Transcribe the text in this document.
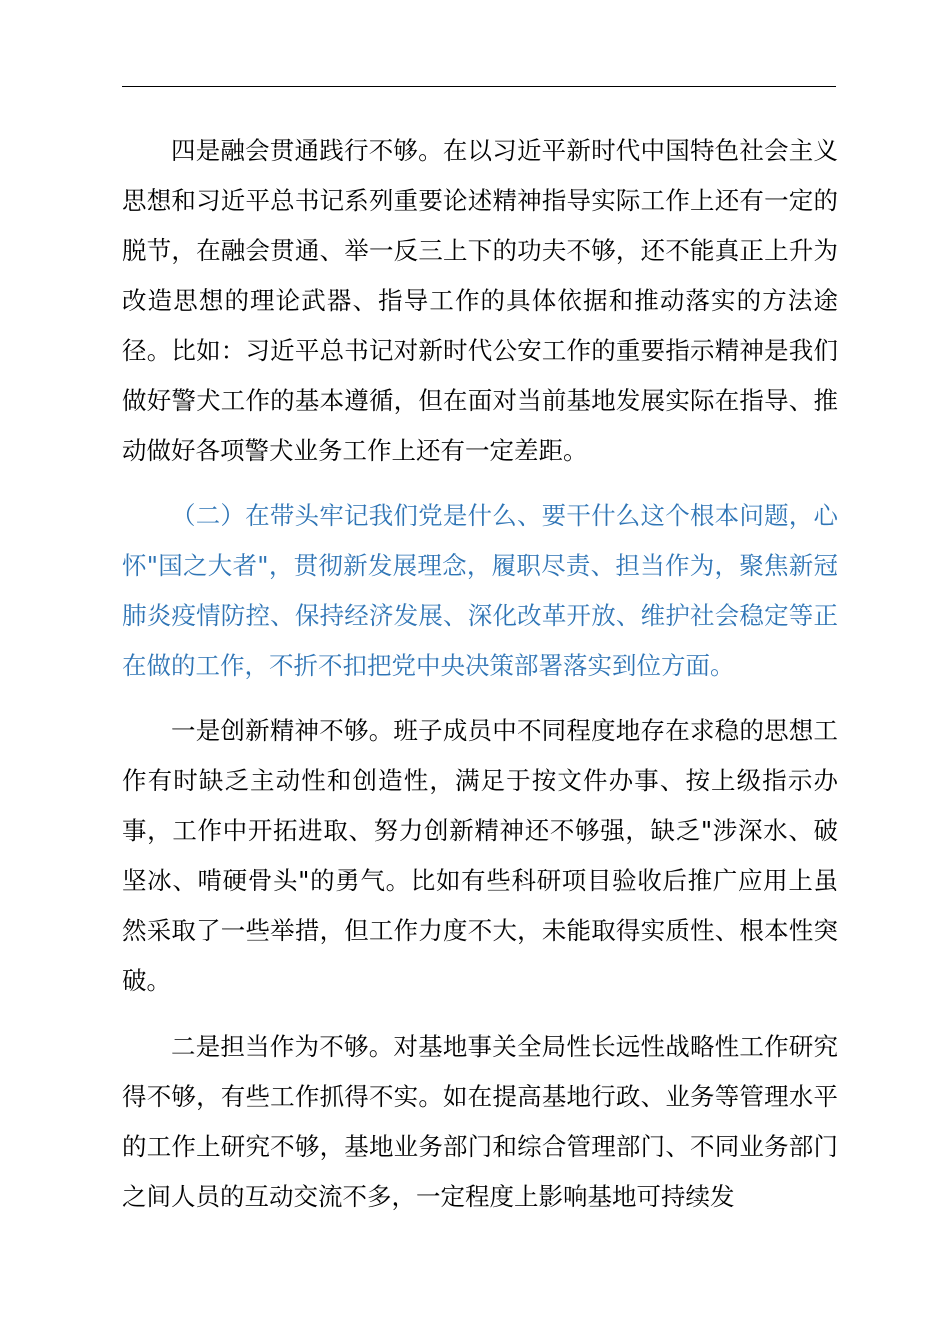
四是融会贯通践行不够。在以习近平新时代中国特色社会主义思想和习近平总书记系列重要论述精神指导实际工作上还有一定的脱节，在融会贯通、举一反三上下的功夫不够，还不能真正上升为改造思想的理论武器、指导工作的具体依据和推动落实的方法途径。比如：习近平总书记对新时代公安工作的重要指示精神是我们做好警犬工作的基本遵循，但在面对当前基地发展实际在指导、推动做好各项警犬业务工作上还有一定差距。

（二）在带头牢记我们党是什么、要干什么这个根本问题，心怀"国之大者"，贯彻新发展理念，履职尽责、担当作为，聚焦新冠肺炎疫情防控、保持经济发展、深化改革开放、维护社会稳定等正在做的工作，不折不扣把党中央决策部署落实到位方面。

一是创新精神不够。班子成员中不同程度地存在求稳的思想工作有时缺乏主动性和创造性，满足于按文件办事、按上级指示办事，工作中开拓进取、努力创新精神还不够强，缺乏"涉深水、破坚冰、啃硬骨头"的勇气。比如有些科研项目验收后推广应用上虽然采取了一些举措，但工作力度不大，未能取得实质性、根本性突破。

二是担当作为不够。对基地事关全局性长远性战略性工作研究得不够，有些工作抓得不实。如在提高基地行政、业务等管理水平的工作上研究不够，基地业务部门和综合管理部门、不同业务部门之间人员的互动交流不多，一定程度上影响基地可持续发
